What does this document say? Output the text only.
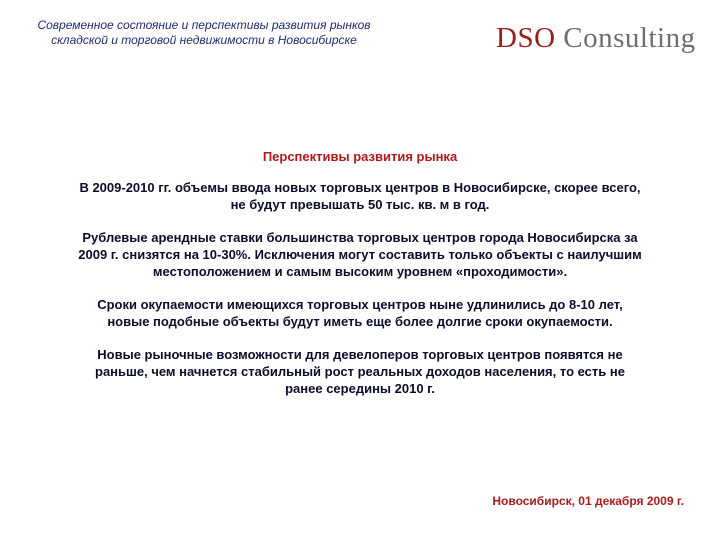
Современное состояние и перспективы развития рынков
складской и торговой недвижимости в Новосибирске	DSO Consulting
Перспективы развития рынка

В 2009-2010 гг. объемы ввода новых торговых центров в Новосибирске, скорее всего,
не будут превышать 50 тыс. кв. м в год.

Рублевые арендные ставки большинства торговых центров города Новосибирска за
2009 г. снизятся на 10-30%. Исключения могут составить только объекты с наилучшим
местоположением и самым высоким уровнем «проходимости».

Сроки окупаемости имеющихся торговых центров ныне удлинились до 8-10 лет,
новые подобные объекты будут иметь еще более долгие сроки окупаемости.

Новые рыночные возможности для девелоперов торговых центров появятся не
раньше, чем начнется стабильный рост реальных доходов населения, то есть не
ранее середины 2010 г.

Новосибирск, 01 декабря 2009 г.
